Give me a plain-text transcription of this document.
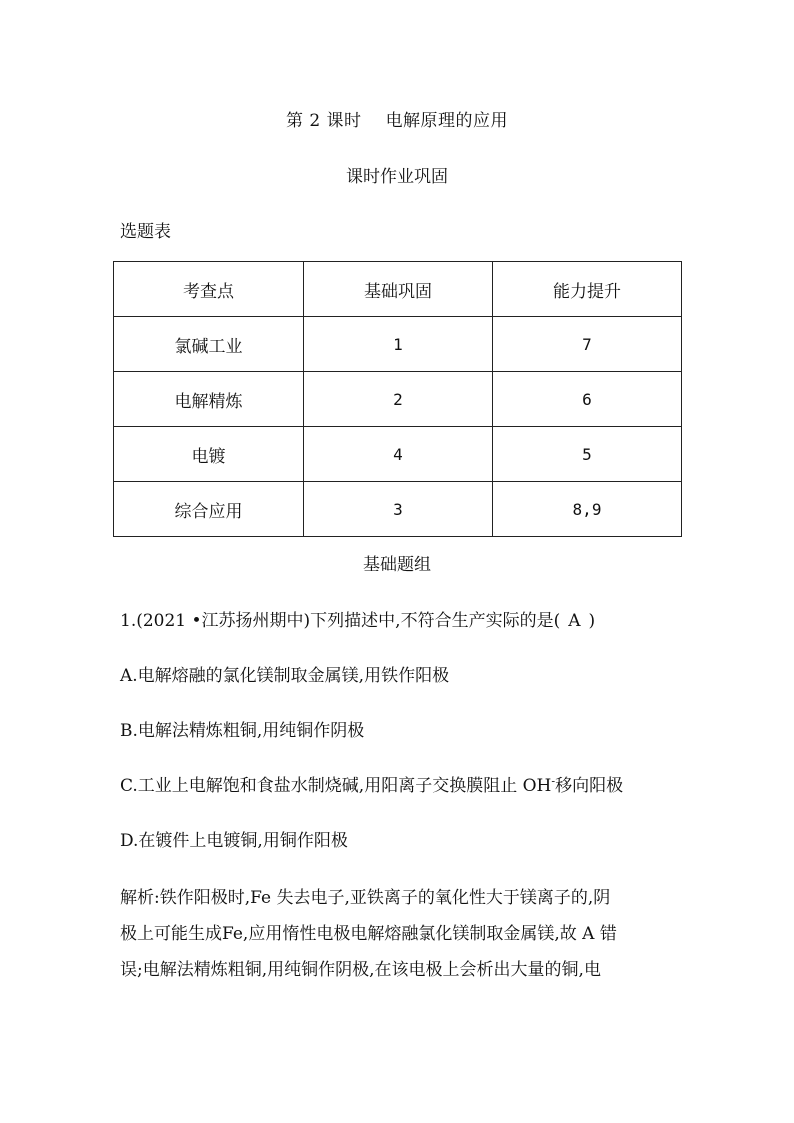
第 2 课时 电解原理的应用
课时作业巩固
选题表
考查点	基础巩固	能力提升
氯碱工业	1	7
电解精炼	2	6
电镀	4	5
综合应用	3	8,9
基础题组
1.(2021 •江苏扬州期中)下列描述中,不符合生产实际的是( A )
A.电解熔融的氯化镁制取金属镁,用铁作阳极
B.电解法精炼粗铜,用纯铜作阴极
C.工业上电解饱和食盐水制烧碱,用阳离子交换膜阻止 OH-移向阳极
D.在镀件上电镀铜,用铜作阳极
解析:铁作阳极时,Fe 失去电子,亚铁离子的氧化性大于镁离子的,阴
极上可能生成Fe,应用惰性电极电解熔融氯化镁制取金属镁,故 A 错
误;电解法精炼粗铜,用纯铜作阴极,在该电极上会析出大量的铜,电
